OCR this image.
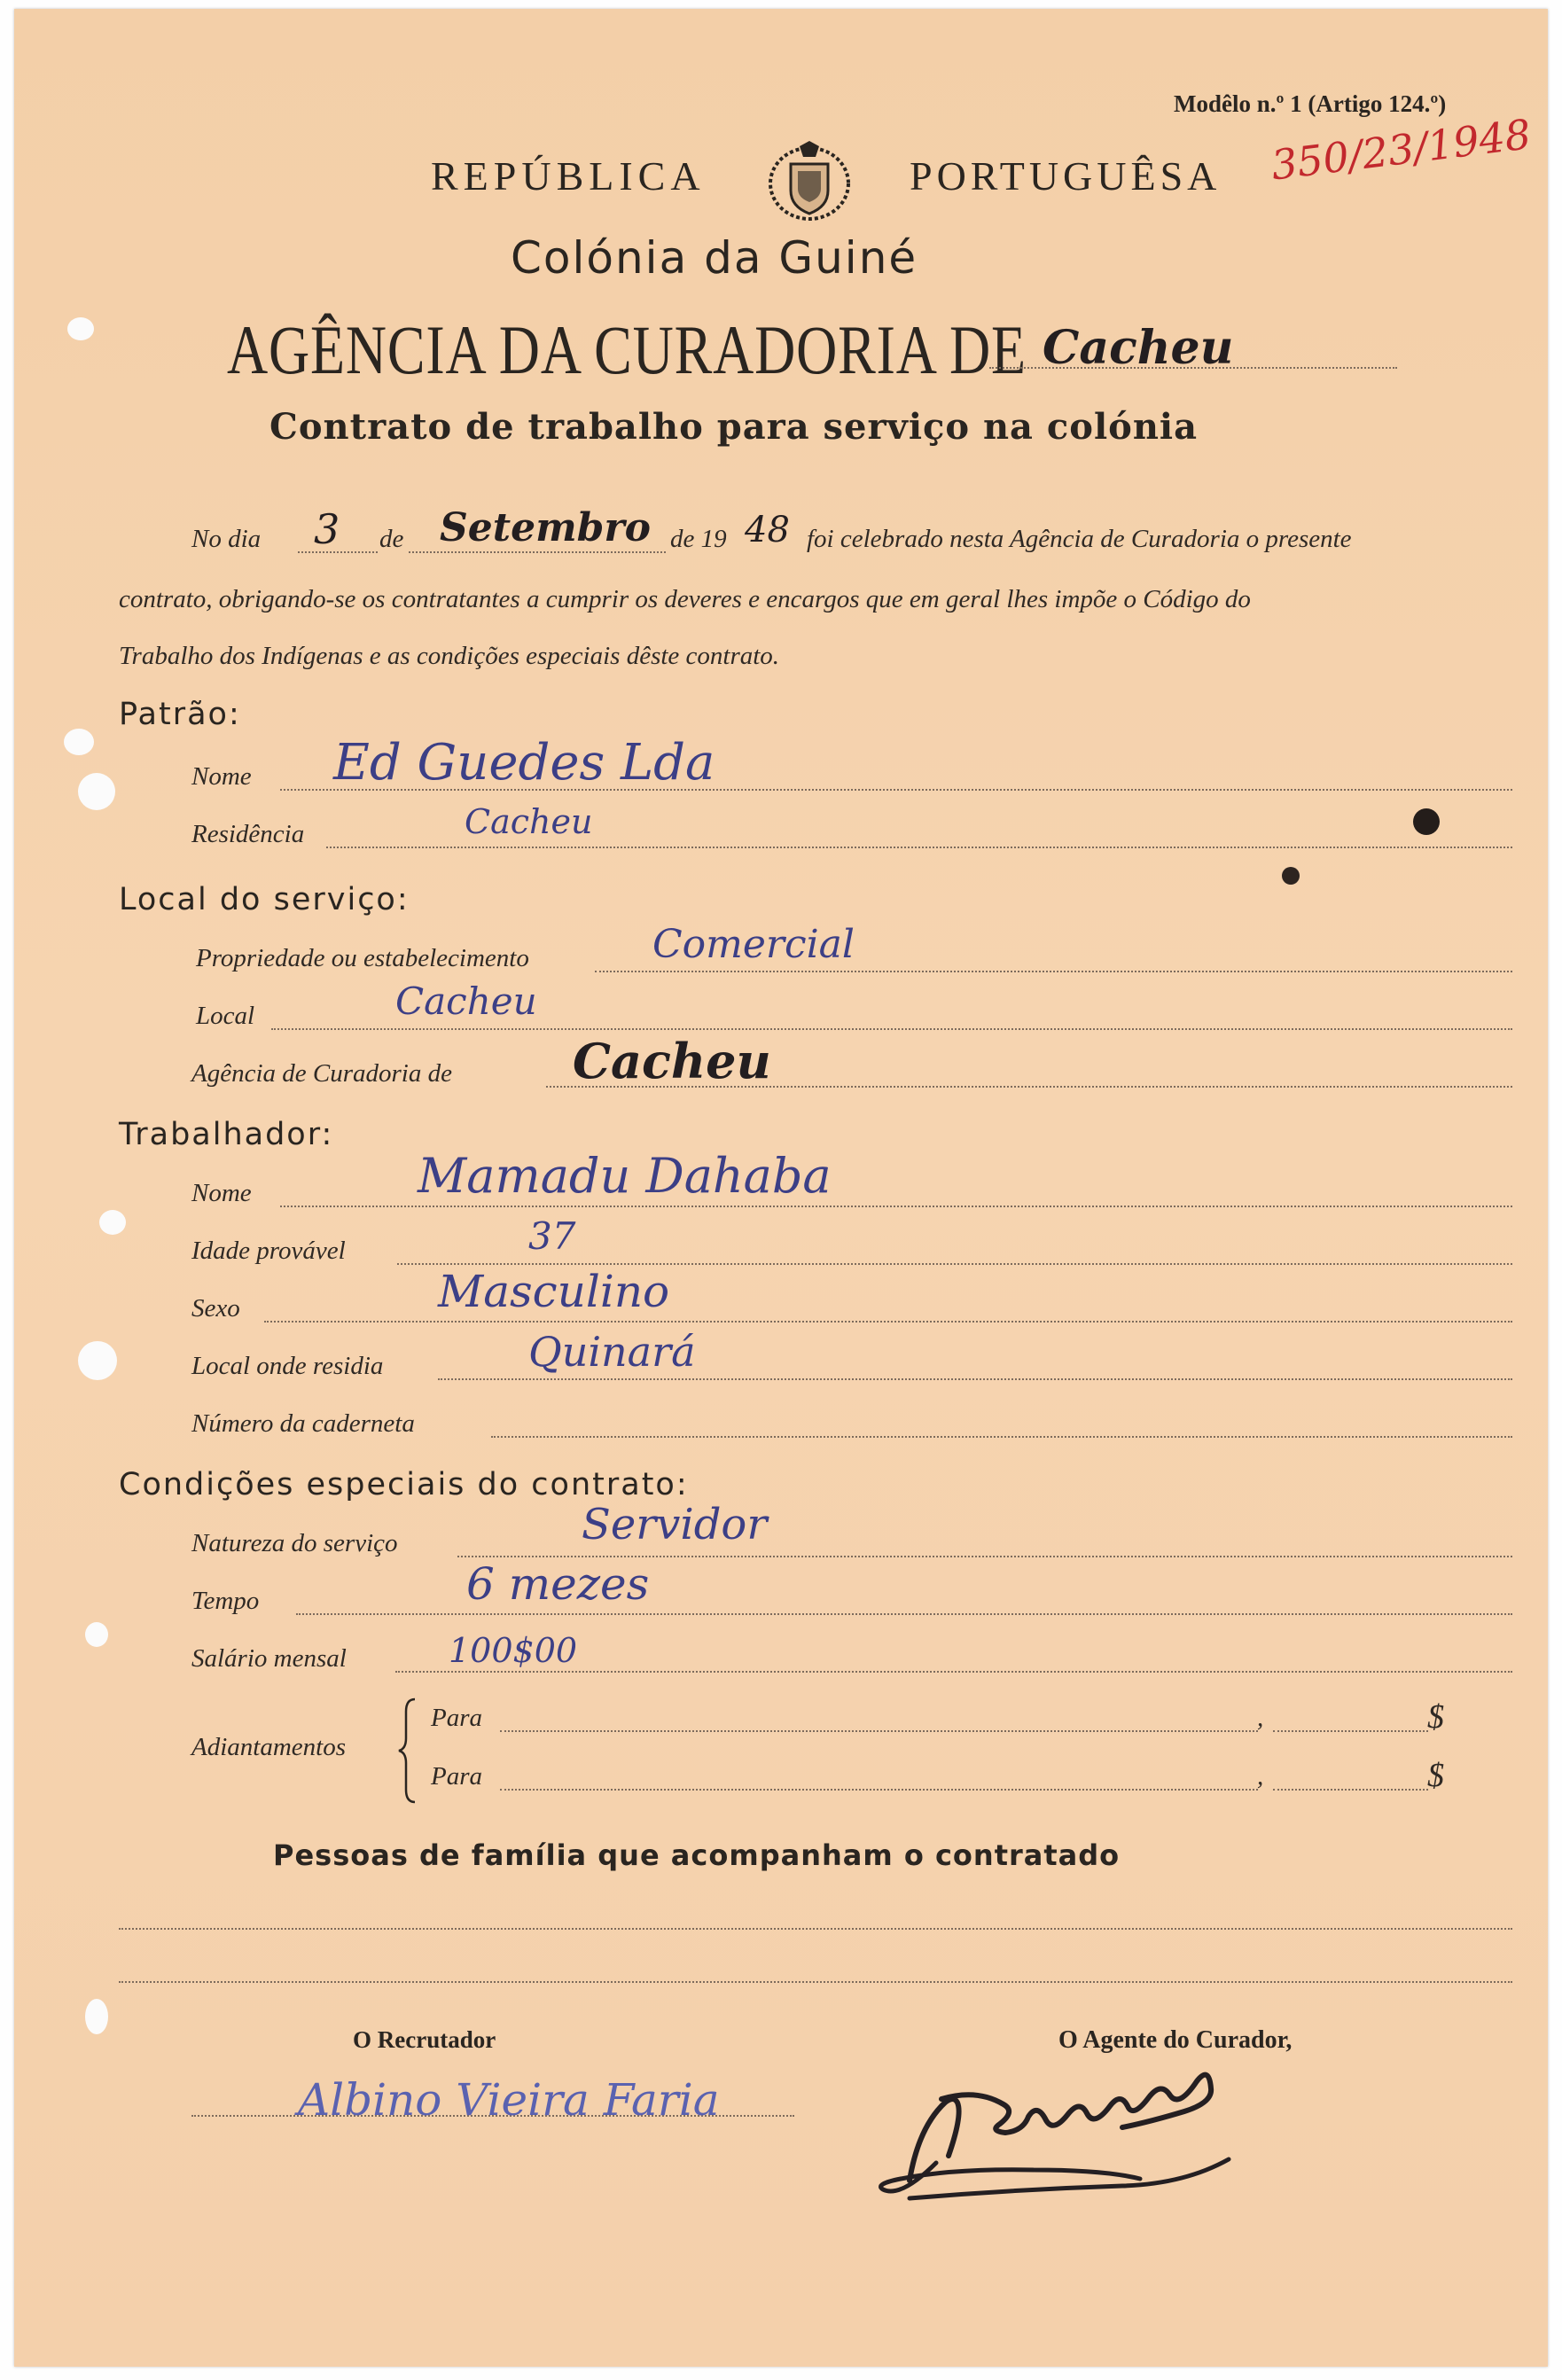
Modêlo n.º 1 (Artigo 124.º)
REPÚBLICA	PORTUGUÊSA 350/23/1948
Colónia da Guiné
AGÊNCIA DA CURADORIA DE Cacheu
Contrato de trabalho para serviço na colónia
No dia 3 de Setembro de 19 48 foi celebrado nesta Agência de Curadoria o presente
contrato, obrigando-se os contratantes a cumprir os deveres e encargos que em geral lhes impõe o Código do
Trabalho dos Indígenas e as condições especiais dêste contrato.
Patrão:
Nome Ed Guedes Lda
Residência	Cacheu
Local do serviço:
Propriedade ou estabelecimento	Comercial
Local	Cacheu
Agência de Curadoria de	Cacheu
Trabalhador:
Nome	Mamadu Dahaba
Idade provável	37
Sexo	Masculino
Local onde residia	Quinará
Número da caderneta
Condições especiais do contrato:
Natureza do serviço	Servidor
Tempo	6 mezes
Salário mensal	100$00
Adiantamentos
Para	,	$
Para	,	$
Pessoas de família que acompanham o contratado
O Recrutador
Albino Vieira Faria
O Agente do Curador,
